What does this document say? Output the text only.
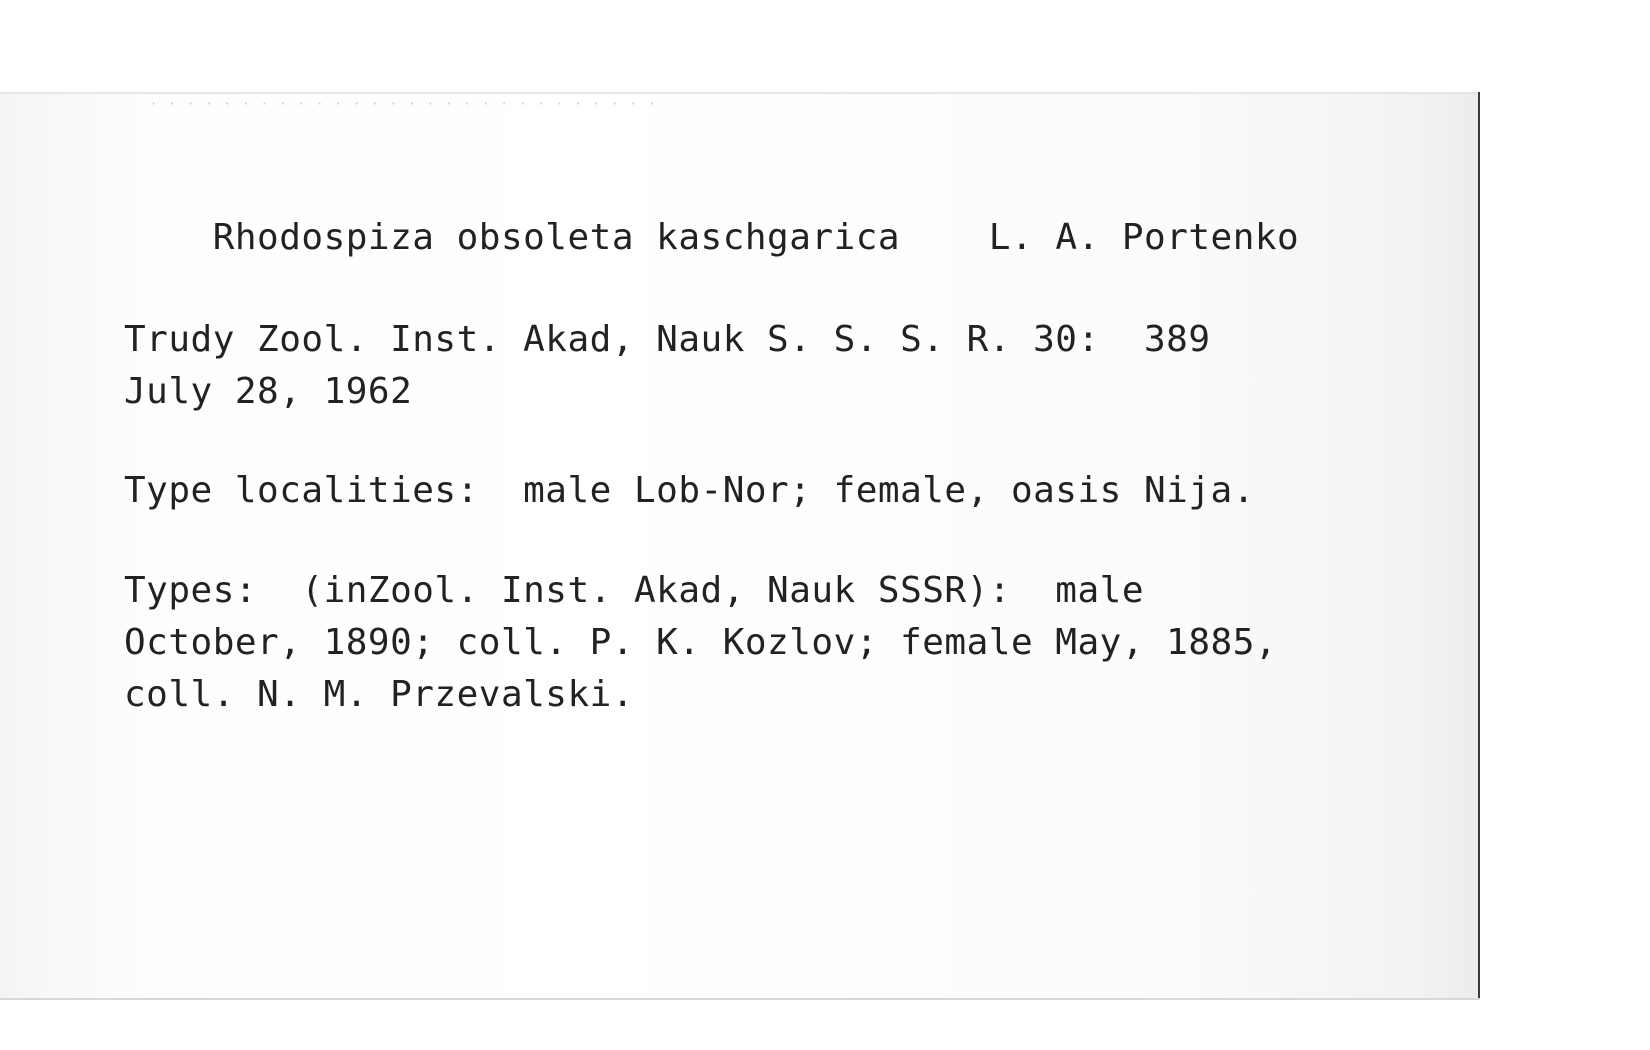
· · · · · · · · · · · · · · · · · · · · · · · · · · · ·

Rhodospiza obsoleta kaschgarica L. A. Portenko

Trudy Zool. Inst. Akad, Nauk S. S. S. R. 30:  389
July 28, 1962
Type localities:  male Lob-Nor; female, oasis Nija.
Types:  (inZool. Inst. Akad, Nauk SSSR):  male
October, 1890; coll. P. K. Kozlov; female May, 1885,
coll. N. M. Przevalski.
